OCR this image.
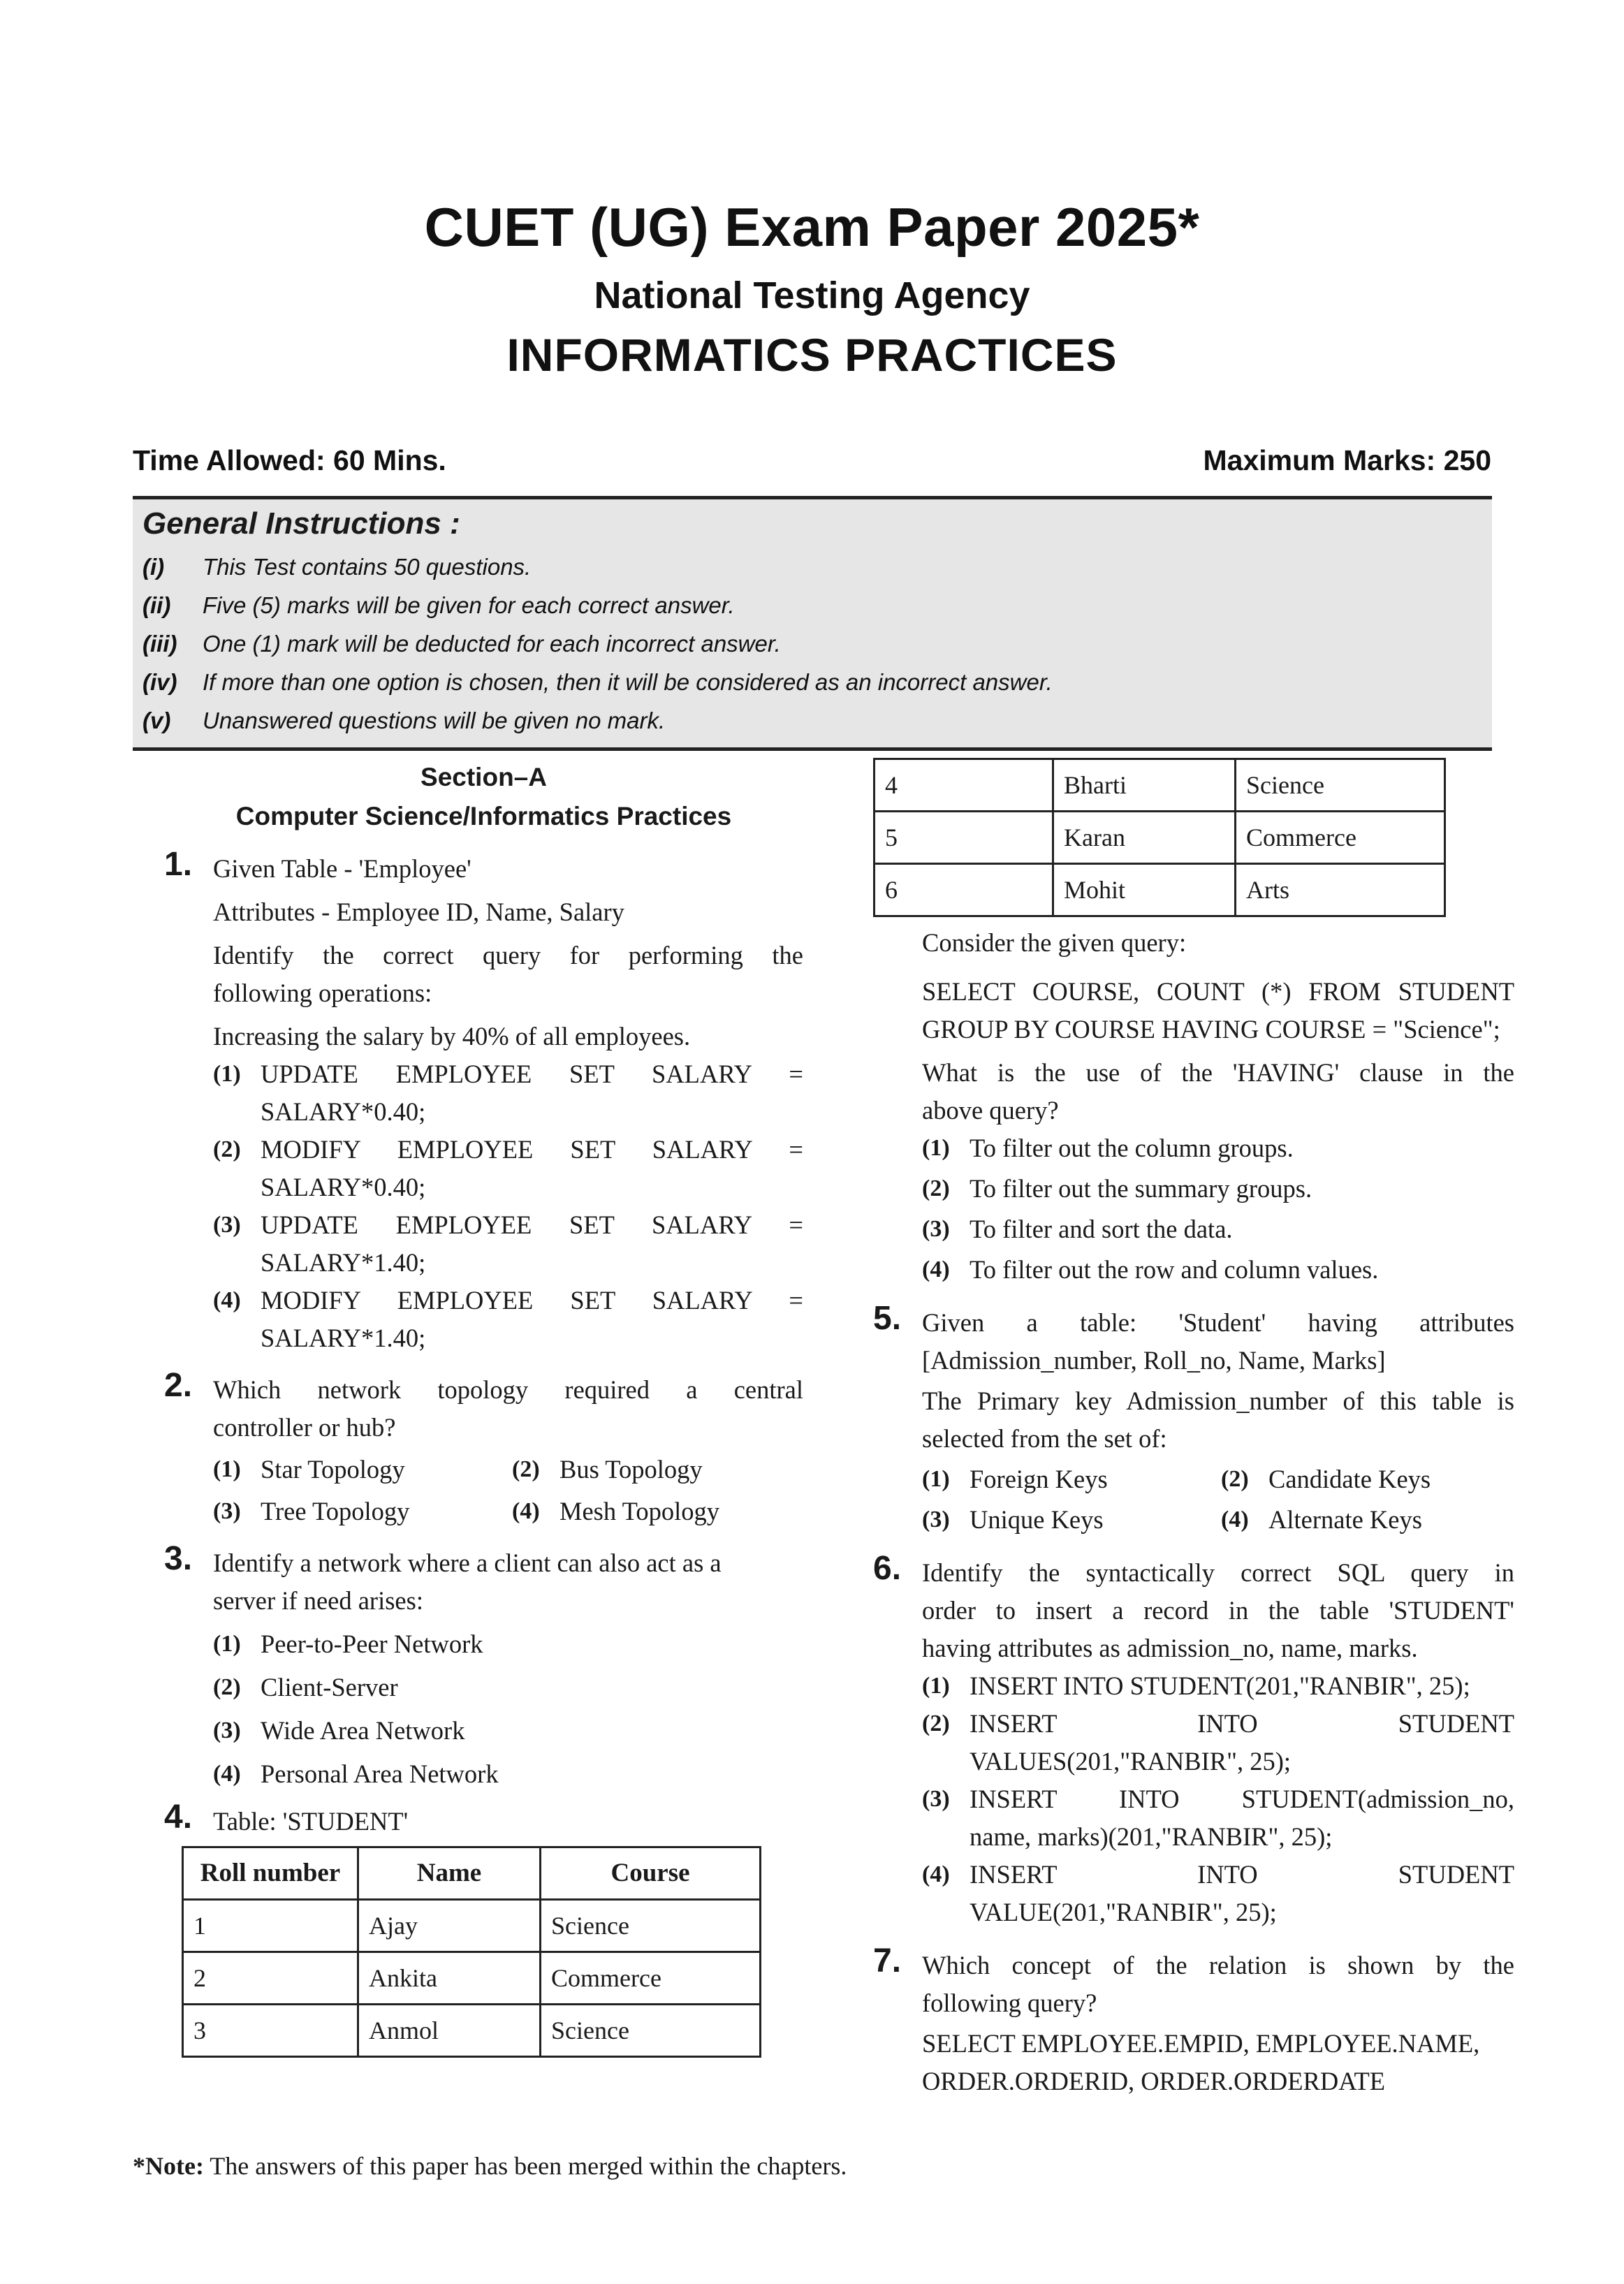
CUET (UG) Exam Paper 2025*
National Testing Agency
INFORMATICS PRACTICES
Time Allowed: 60 Mins.	Maximum Marks: 250
General Instructions :
(i)	This Test contains 50 questions.
(ii)	Five (5) marks will be given for each correct answer.
(iii)	One (1) mark will be deducted for each incorrect answer.
(iv)	If more than one option is chosen, then it will be considered as an incorrect answer.
(v)	Unanswered questions will be given no mark.
Section–A
Computer Science/Informatics Practices
1. Given Table - 'Employee'
Attributes - Employee ID, Name, Salary
Identify the correct query for performing the
following operations:
Increasing the salary by 40% of all employees.
(1) UPDATE EMPLOYEE SET SALARY =
SALARY*0.40;
(2) MODIFY EMPLOYEE SET SALARY =
SALARY*0.40;
(3) UPDATE EMPLOYEE SET SALARY =
SALARY*1.40;
(4) MODIFY EMPLOYEE SET SALARY =
SALARY*1.40;
2. Which network topology required a central
controller or hub?
(1) Star Topology	(2) Bus Topology
(3) Tree Topology	(4) Mesh Topology
3. Identify a network where a client can also act as a
server if need arises:
(1) Peer-to-Peer Network
(2) Client-Server
(3) Wide Area Network
(4) Personal Area Network
4. Table: 'STUDENT'
Roll number	Name	Course
1	Ajay	Science
2	Ankita	Commerce
3	Anmol	Science
4	Bharti	Science
5	Karan	Commerce
6	Mohit	Arts
Consider the given query:
SELECT COURSE, COUNT (*) FROM STUDENT
GROUP BY COURSE HAVING COURSE = "Science";
What is the use of the 'HAVING' clause in the
above query?
(1) To filter out the column groups.
(2) To filter out the summary groups.
(3) To filter and sort the data.
(4) To filter out the row and column values.
5. Given a table: 'Student' having attributes
[Admission_number, Roll_no, Name, Marks]
The Primary key Admission_number of this table is
selected from the set of:
(1) Foreign Keys	(2) Candidate Keys
(3) Unique Keys	(4) Alternate Keys
6. Identify the syntactically correct SQL query in
order to insert a record in the table 'STUDENT'
having attributes as admission_no, name, marks.
(1) INSERT INTO STUDENT(201,"RANBIR", 25);
(2) INSERT INTO STUDENT
VALUES(201,"RANBIR", 25);
(3) INSERT INTO STUDENT(admission_no,
name, marks)(201,"RANBIR", 25);
(4) INSERT INTO STUDENT
VALUE(201,"RANBIR", 25);
7. Which concept of the relation is shown by the
following query?
SELECT EMPLOYEE.EMPID, EMPLOYEE.NAME,
ORDER.ORDERID, ORDER.ORDERDATE
*Note: The answers of this paper has been merged within the chapters.
